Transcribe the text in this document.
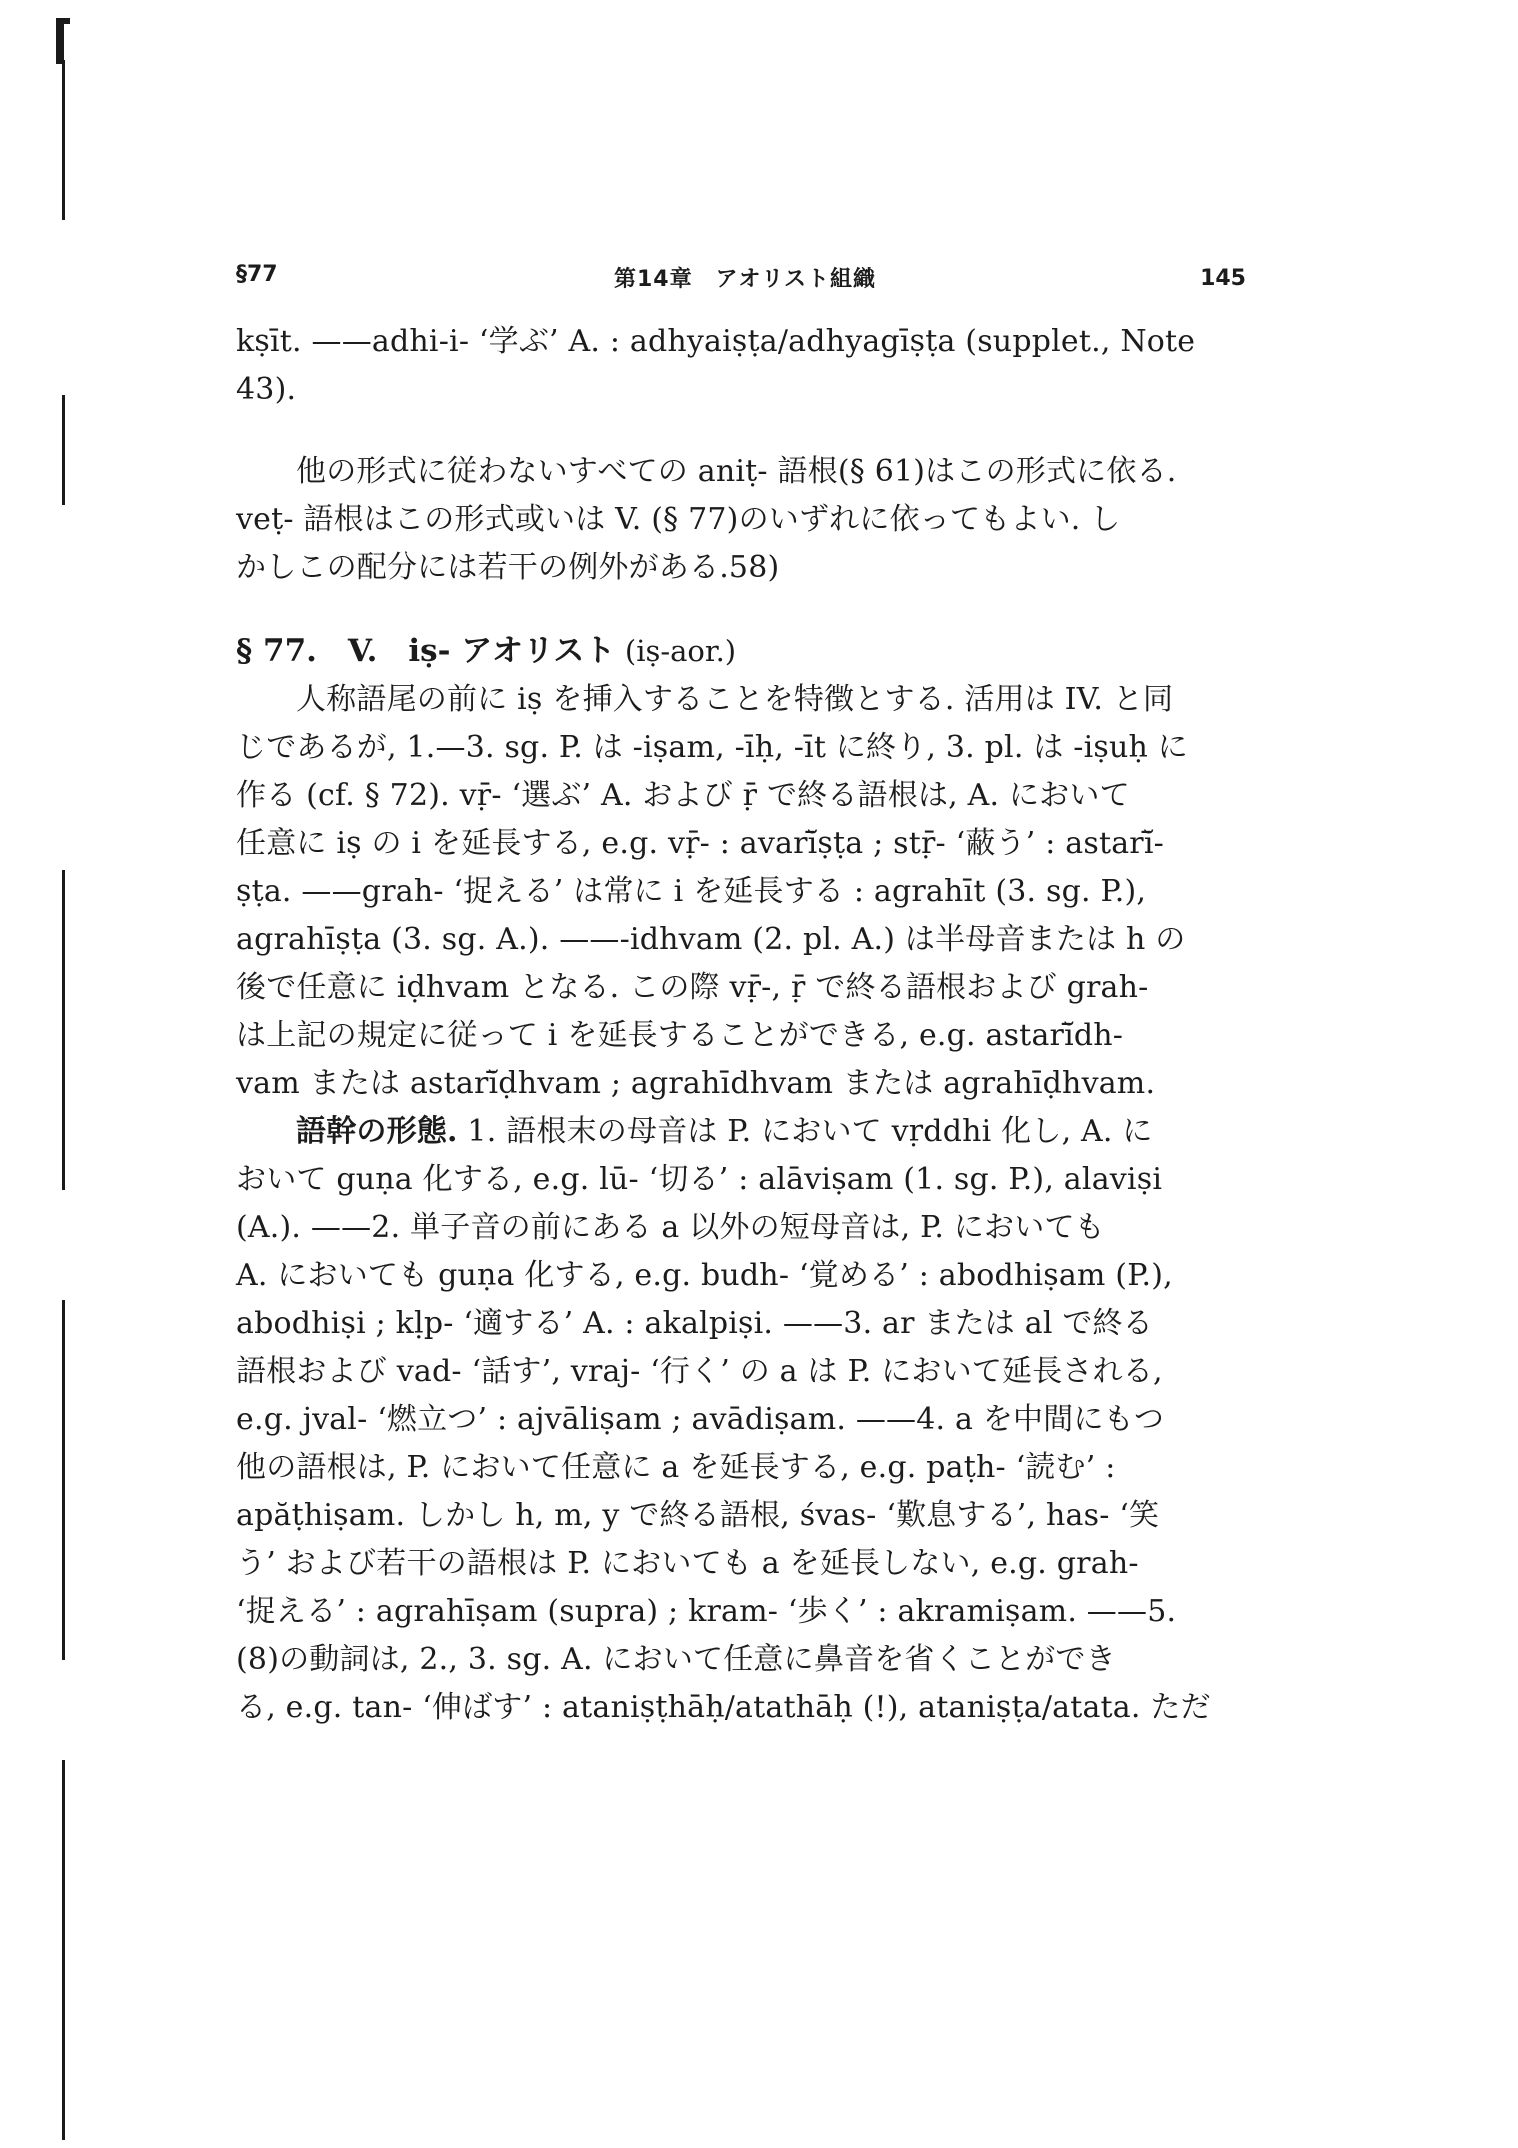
§77	第14章　アオリスト組織	145
kṣīt. ——adhi-i- ‘学ぶ’ A. : adhyaiṣṭa/adhyagīṣṭa (supplet., Note
43).
他の形式に従わないすべての aniṭ- 語根(§ 61)はこの形式に依る.
veṭ- 語根はこの形式或いは V. (§ 77)のいずれに依ってもよい. し
かしこの配分には若干の例外がある.58)
§ 77.　V.　iṣ- アオリスト (iṣ-aor.)
人称語尾の前に iṣ を挿入することを特徴とする. 活用は IV. と同
じであるが, 1.—3. sg. P. は -iṣam, -īḥ, -īt に終り, 3. pl. は -iṣuḥ に
作る (cf. § 72). vṝ- ‘選ぶ’ A. および ṝ で終る語根は, A. において
任意に iṣ の i を延長する, e.g. vṝ- : avarĭ̄ṣṭa ; stṝ- ‘蔽う’ : astarĭ̄-
ṣṭa. ——grah- ‘捉える’ は常に i を延長する : agrahīt (3. sg. P.),
agrahīṣṭa (3. sg. A.). ——-idhvam (2. pl. A.) は半母音または h の
後で任意に iḍhvam となる. この際 vṝ-, ṝ で終る語根および grah-
は上記の規定に従って i を延長することができる, e.g. astarĭ̄dh-
vam または astarĭ̄ḍhvam ; agrahīdhvam または agrahīḍhvam.
語幹の形態. 1. 語根末の母音は P. において vṛddhi 化し, A. に
おいて guṇa 化する, e.g. lū- ‘切る’ : alāviṣam (1. sg. P.), alaviṣi
(A.). ——2. 単子音の前にある a 以外の短母音は, P. においても
A. においても guṇa 化する, e.g. budh- ‘覚める’ : abodhiṣam (P.),
abodhiṣi ; kḷp- ‘適する’ A. : akalpiṣi. ——3. ar または al で終る
語根および vad- ‘話す’, vraj- ‘行く’ の a は P. において延長される,
e.g. jval- ‘燃立つ’ : ajvāliṣam ; avādiṣam. ——4. a を中間にもつ
他の語根は, P. において任意に a を延長する, e.g. paṭh- ‘読む’ :
apăṭhiṣam. しかし h, m, y で終る語根, śvas- ‘歎息する’, has- ‘笑
う’ および若干の語根は P. においても a を延長しない, e.g. grah-
‘捉える’ : agrahīṣam (supra) ; kram- ‘歩く’ : akramiṣam. ——5.
(8)の動詞は, 2., 3. sg. A. において任意に鼻音を省くことができ
る, e.g. tan- ‘伸ばす’ : ataniṣṭhāḥ/atathāḥ (!), ataniṣṭa/atata. ただ
